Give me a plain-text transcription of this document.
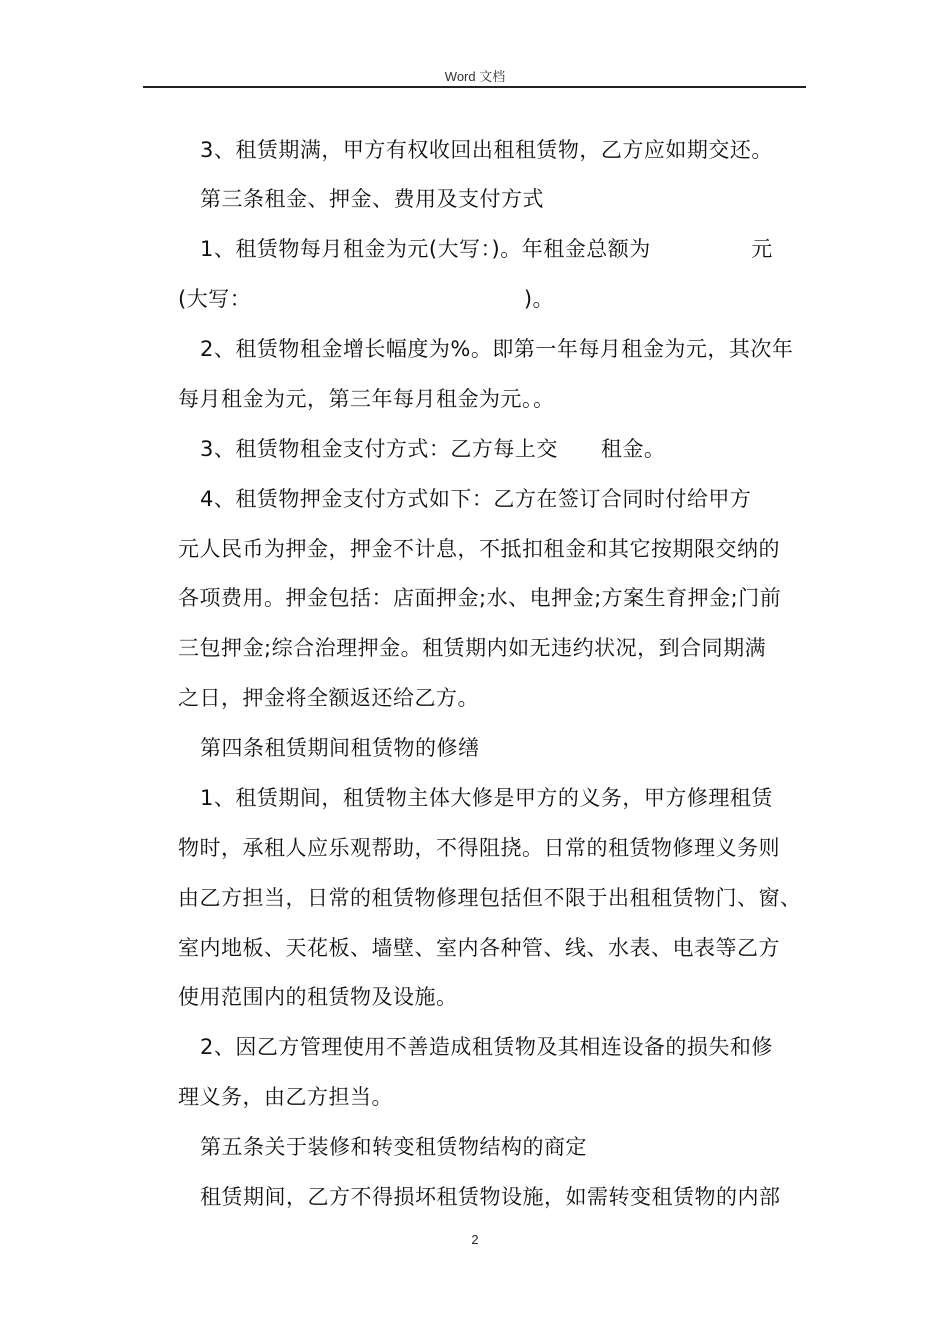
Word 文档
3、租赁期满，甲方有权收回出租租赁物，乙方应如期交还。
第三条租金、押金、费用及支付方式
1、租赁物每月租金为元(大写：)。年租金总额为              元
(大写：                                      )。
2、租赁物租金增长幅度为%。即第一年每月租金为元，其次年
每月租金为元，第三年每月租金为元。。
3、租赁物租金支付方式：乙方每上交      租金。
4、租赁物押金支付方式如下：乙方在签订合同时付给甲方
元人民币为押金，押金不计息，不抵扣租金和其它按期限交纳的
各项费用。押金包括：店面押金;水、电押金;方案生育押金;门前
三包押金;综合治理押金。租赁期内如无违约状况，到合同期满
之日，押金将全额返还给乙方。
第四条租赁期间租赁物的修缮
1、租赁期间，租赁物主体大修是甲方的义务，甲方修理租赁
物时，承租人应乐观帮助，不得阻挠。日常的租赁物修理义务则
由乙方担当，日常的租赁物修理包括但不限于出租租赁物门、窗、
室内地板、天花板、墙壁、室内各种管、线、水表、电表等乙方
使用范围内的租赁物及设施。
2、因乙方管理使用不善造成租赁物及其相连设备的损失和修
理义务，由乙方担当。
第五条关于装修和转变租赁物结构的商定
租赁期间，乙方不得损坏租赁物设施，如需转变租赁物的内部
2
